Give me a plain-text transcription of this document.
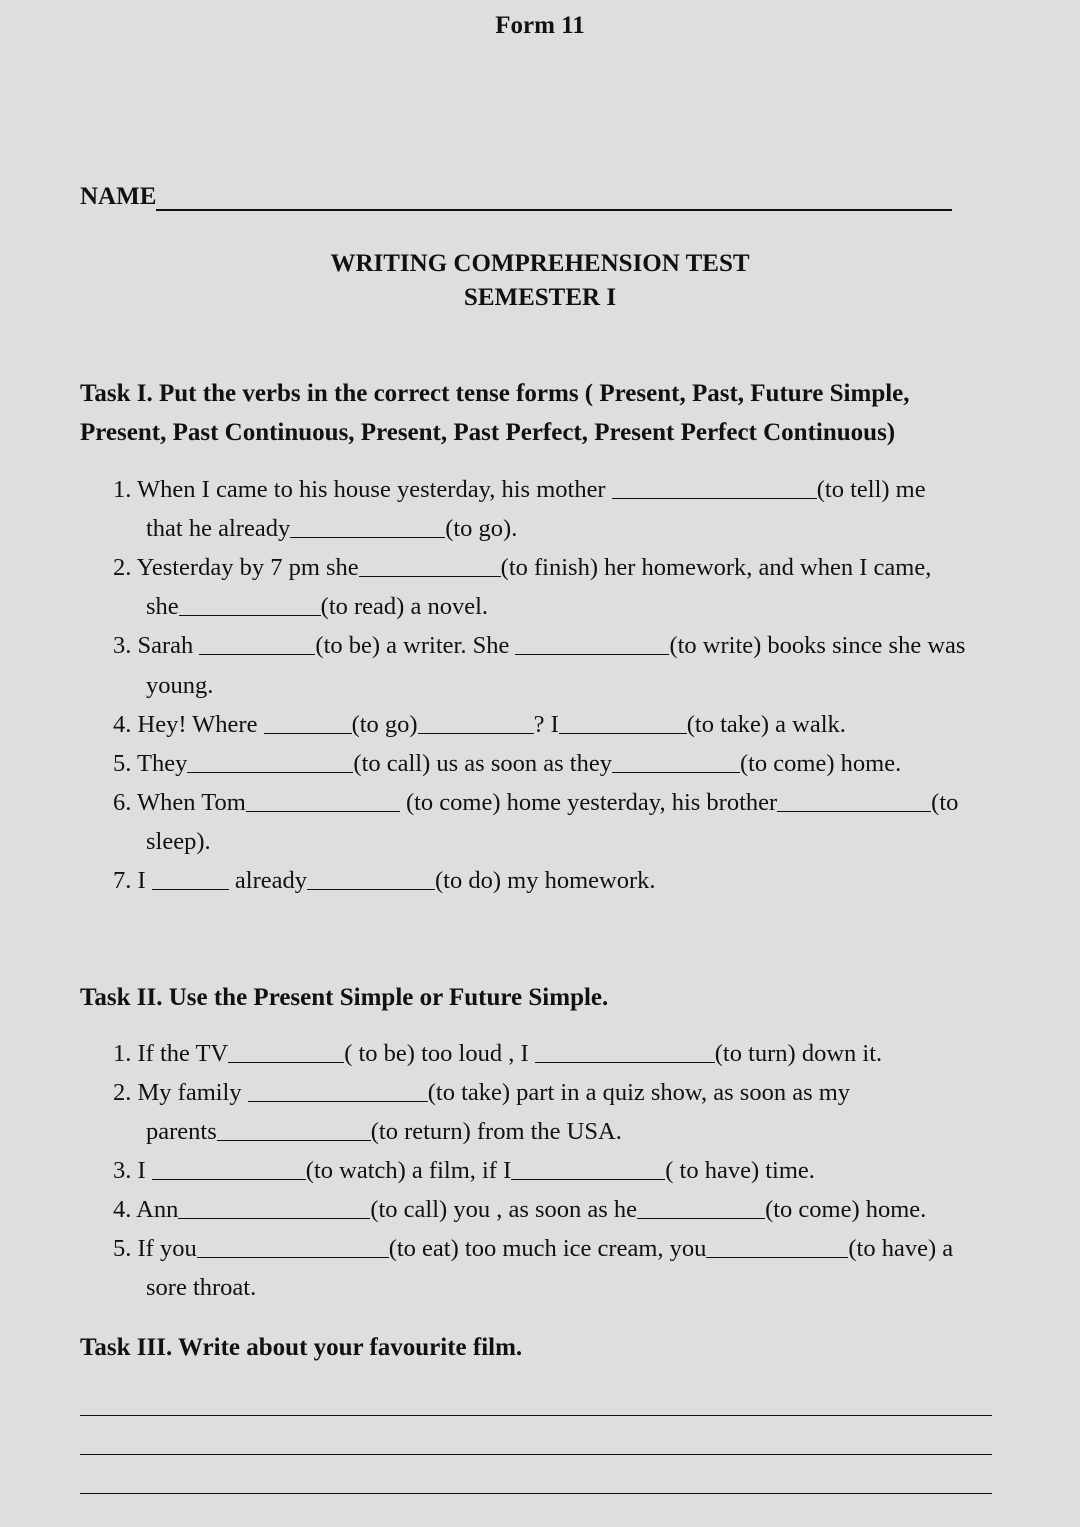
Form 11
NAME
WRITING COMPREHENSION TEST
SEMESTER I
Task I. Put the verbs in the correct tense forms ( Present, Past, Future Simple,
Present, Past Continuous, Present, Past Perfect, Present Perfect Continuous)
1. When I came to his house yesterday, his mother	(to tell) me
that he already	(to go).
2. Yesterday by 7 pm she	(to finish) her homework, and when I came,
she	(to read) a novel.
3. Sarah	(to be) a writer. She	(to write) books since she was
young.
4. Hey! Where	(to go)	? I	(to take) a walk.
5. They	(to call) us as soon as they	(to come) home.
6. When Tom	(to come) home yesterday, his brother	(to
sleep).
7. I	already	(to do) my homework.
Task II. Use the Present Simple or Future Simple.
1. If the TV	( to be) too loud , I	(to turn) down it.
2. My family	(to take) part in a quiz show, as soon as my
parents	(to return) from the USA.
3. I	(to watch) a film, if I	( to have) time.
4. Ann	(to call) you , as soon as he	(to come) home.
5. If you	(to eat) too much ice cream, you	(to have) a
sore throat.
Task III. Write about your favourite film.
